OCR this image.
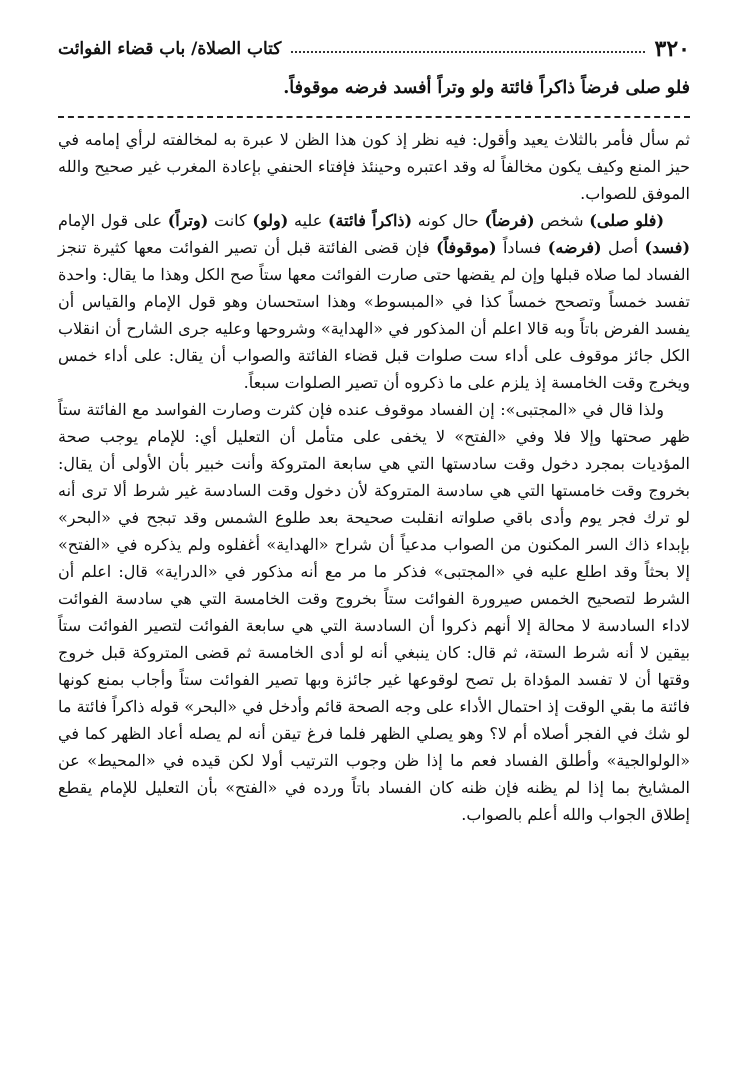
٣٢٠
كتاب الصلاة/ باب قضاء الفوائت
فلو صلى فرضاً ذاكراً فائتة ولو وتراً أفسد فرضه موقوفاً.

ثم سأل فأمر بالثلاث يعيد وأقول: فيه نظر إذ كون هذا الظن لا عبرة به لمخالفته لرأي إمامه في حيز المنع وكيف يكون مخالفاً له وقد اعتبره وحينئذ فإفتاء الحنفي بإعادة المغرب غير صحيح والله الموفق للصواب.

(فلو صلى) شخص (فرضاً) حال كونه (ذاكراً فائتة) عليه (ولو) كانت (وتراً) على قول الإمام (فسد) أصل (فرضه) فساداً (موقوفاً) فإن قضى الفائتة قبل أن تصير الفوائت معها كثيرة تنجز الفساد لما صلاه قبلها وإن لم يقضها حتى صارت الفوائت معها ستاً صح الكل وهذا ما يقال: واحدة تفسد خمساً وتصحح خمساً كذا في «المبسوط» وهذا استحسان وهو قول الإمام والقياس أن يفسد الفرض باتاً وبه قالا اعلم أن المذكور في «الهداية» وشروحها وعليه جرى الشارح أن انقلاب الكل جائز موقوف على أداء ست صلوات قبل قضاء الفائتة والصواب أن يقال: على أداء خمس ويخرج وقت الخامسة إذ يلزم على ما ذكروه أن تصير الصلوات سبعاً.

ولذا قال في «المجتبى»: إن الفساد موقوف عنده فإن كثرت وصارت الفواسد مع الفائتة ستاً ظهر صحتها وإلا فلا وفي «الفتح» لا يخفى على متأمل أن التعليل أي: للإمام يوجب صحة المؤديات بمجرد دخول وقت سادستها التي هي سابعة المتروكة وأنت خبير بأن الأولى أن يقال: بخروج وقت خامستها التي هي سادسة المتروكة لأن دخول وقت السادسة غير شرط ألا ترى أنه لو ترك فجر يوم وأدى باقي صلواته انقلبت صحيحة بعد طلوع الشمس وقد تبجح في «البحر» بإبداء ذاك السر المكنون من الصواب مدعياً أن شراح «الهداية» أغفلوه ولم يذكره في «الفتح» إلا بحثاً وقد اطلع عليه في «المجتبى» فذكر ما مر مع أنه مذكور في «الدراية» قال: اعلم أن الشرط لتصحيح الخمس صيرورة الفوائت ستاً بخروج وقت الخامسة التي هي سادسة الفوائت لاداء السادسة لا محالة إلا أنهم ذكروا أن السادسة التي هي سابعة الفوائت لتصير الفوائت ستاً بيقين لا أنه شرط الستة، ثم قال: كان ينبغي أنه لو أدى الخامسة ثم قضى المتروكة قبل خروج وقتها أن لا تفسد المؤداة بل تصح لوقوعها غير جائزة وبها تصير الفوائت ستاً وأجاب بمنع كونها فائتة ما بقي الوقت إذ احتمال الأداء على وجه الصحة قائم وأدخل في «البحر» قوله ذاكراً فائتة ما لو شك في الفجر أصلاه أم لا؟ وهو يصلي الظهر فلما فرغ تيقن أنه لم يصله أعاد الظهر كما في «الولوالجية» وأطلق الفساد فعم ما إذا ظن وجوب الترتيب أولا لكن قيده في «المحيط» عن المشايخ بما إذا لم يظنه فإن ظنه كان الفساد باتاً ورده في «الفتح» بأن التعليل للإمام يقطع إطلاق الجواب والله أعلم بالصواب.
